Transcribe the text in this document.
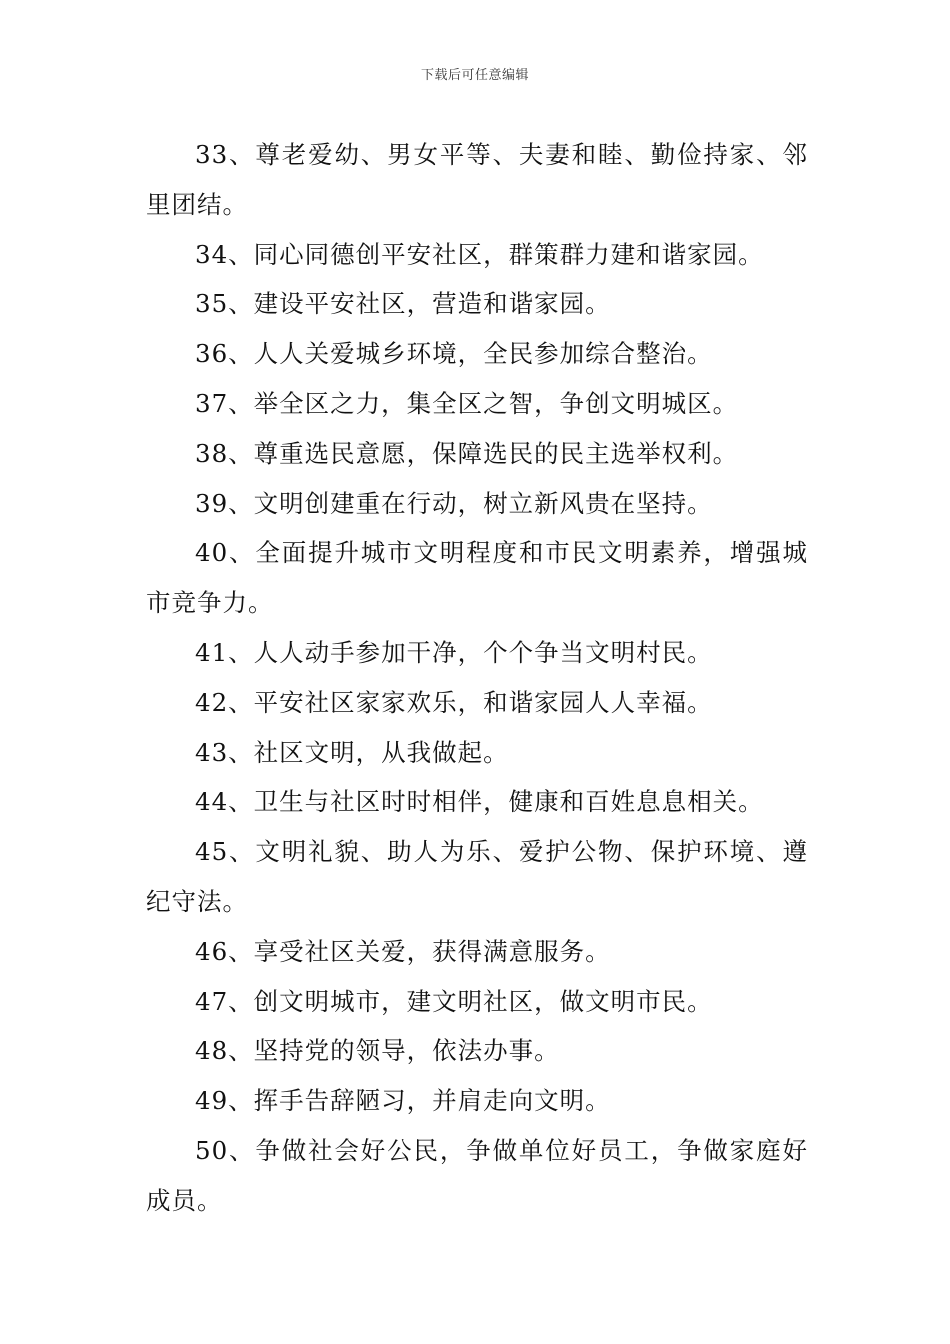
下载后可任意编辑

33、尊老爱幼、男女平等、夫妻和睦、勤俭持家、邻里团结。

34、同心同德创平安社区，群策群力建和谐家园。

35、建设平安社区，营造和谐家园。

36、人人关爱城乡环境，全民参加综合整治。

37、举全区之力，集全区之智，争创文明城区。

38、尊重选民意愿，保障选民的民主选举权利。

39、文明创建重在行动，树立新风贵在坚持。

40、全面提升城市文明程度和市民文明素养，增强城市竞争力。

41、人人动手参加干净，个个争当文明村民。

42、平安社区家家欢乐，和谐家园人人幸福。

43、社区文明，从我做起。

44、卫生与社区时时相伴，健康和百姓息息相关。

45、文明礼貌、助人为乐、爱护公物、保护环境、遵纪守法。

46、享受社区关爱，获得满意服务。

47、创文明城市，建文明社区，做文明市民。

48、坚持党的领导，依法办事。

49、挥手告辞陋习，并肩走向文明。

50、争做社会好公民，争做单位好员工，争做家庭好成员。
